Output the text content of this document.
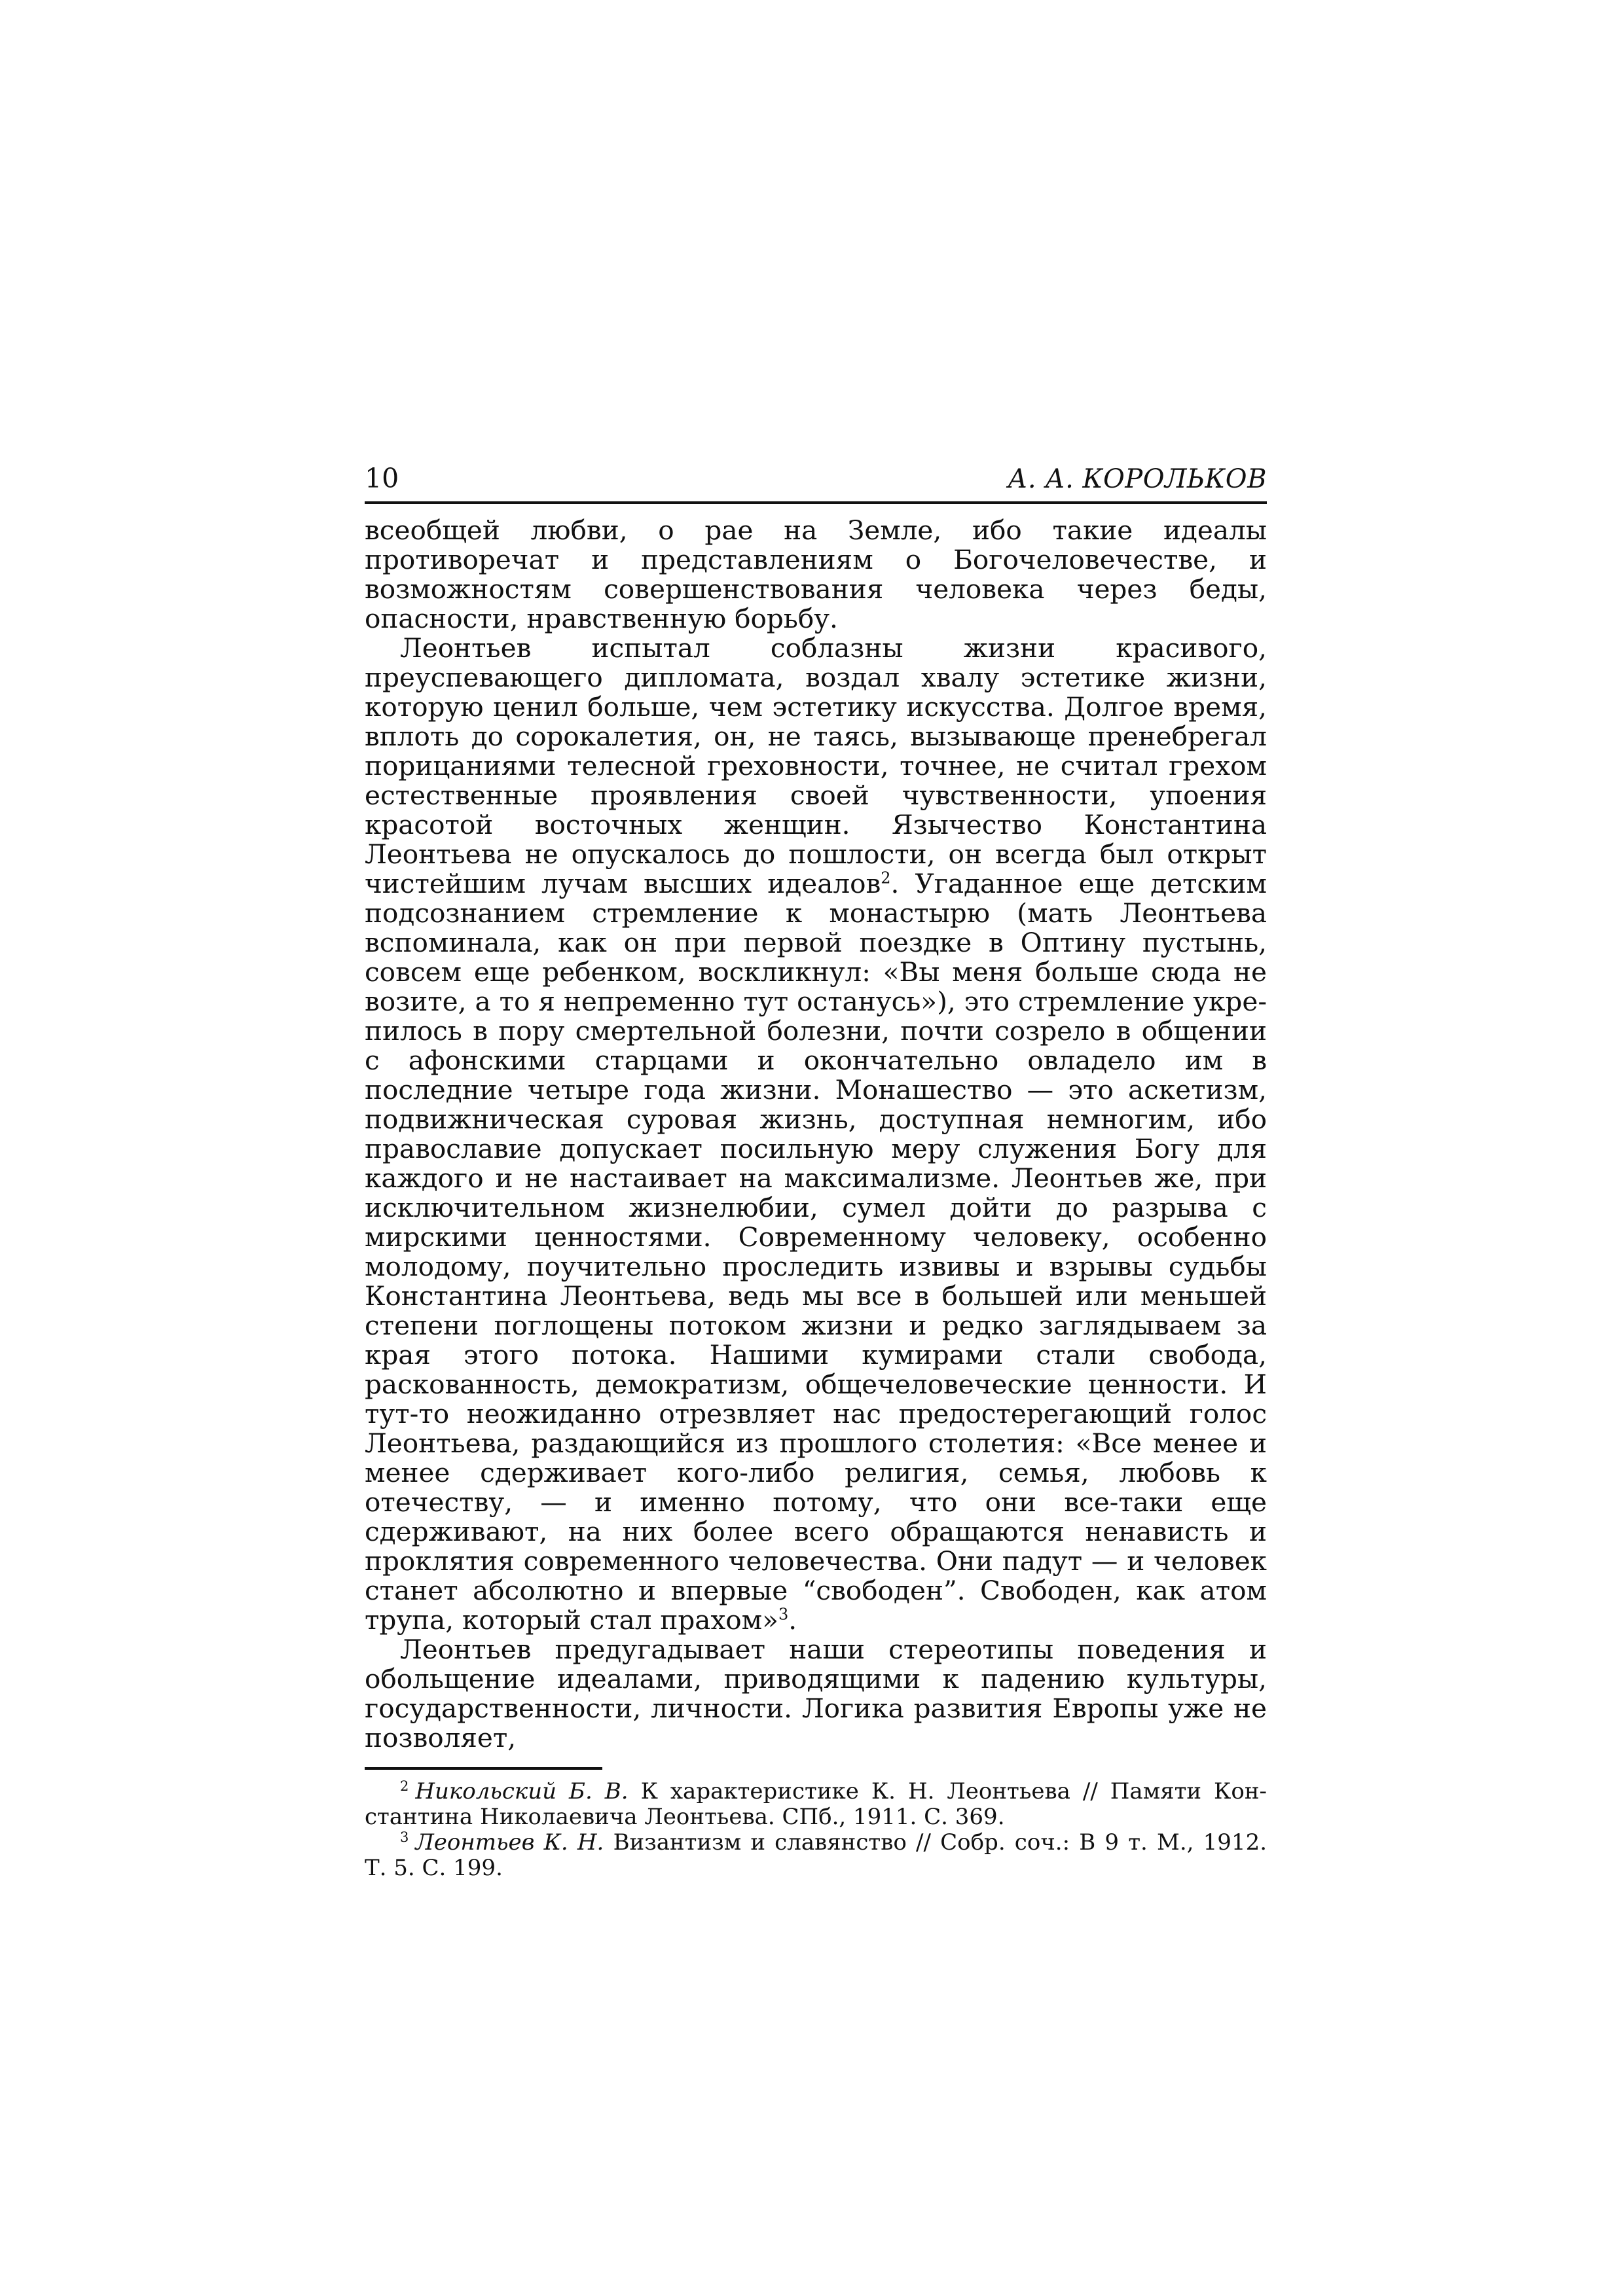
10	А. А. КОРОЛЬКОВ

всеобщей любви, о рае на Земле, ибо такие идеалы противоречат и представлениям о Богочеловечестве, и возможностям совершенствования человека через беды, опасности, нравственную борьбу.

Леонтьев испытал соблазны жизни красивого, преуспевающего дипломата, воздал хвалу эстетике жизни, которую ценил больше, чем эстетику искусства. Долгое время, вплоть до сорокалетия, он, не таясь, вызывающе пренебрегал порицаниями телесной греховности, точнее, не считал грехом естественные проявления своей чувственности, упоения красотой восточных женщин. Язычество Константина Леонтьева не опускалось до пошлости, он всегда был открыт чистейшим лучам высших идеалов$^2$. Угаданное еще детским подсознанием стремление к монастырю (мать Леонтьева вспоминала, как он при первой поездке в Оптину пустынь, совсем еще ребенком, воскликнул: «Вы меня больше сюда не возите, а то я непременно тут останусь»), это стремление укрепилось в пору смертельной болезни, почти созрело в общении с афонскими старцами и окончательно овладело им в последние четыре года жизни. Монашество — это аскетизм, подвижническая суровая жизнь, доступная немногим, ибо православие допускает посильную меру служения Богу для каждого и не настаивает на максимализме. Леонтьев же, при исключительном жизнелюбии, сумел дойти до разрыва с мирскими ценностями. Современному человеку, особенно молодому, поучительно проследить извивы и взрывы судьбы Константина Леонтьева, ведь мы все в большей или меньшей степени поглощены потоком жизни и редко заглядываем за края этого потока. Нашими кумирами стали свобода, раскованность, демократизм, общечеловеческие ценности. И тут-то неожиданно отрезвляет нас предостерегающий голос Леонтьева, раздающийся из прошлого столетия: «Все менее и менее сдерживает кого-либо религия, семья, любовь к отечеству, — и именно потому, что они все-таки еще сдерживают, на них более всего обращаются ненависть и проклятия современного человечества. Они падут — и человек станет абсолютно и впервые “свободен”. Свободен, как атом трупа, который стал прахом»$^3$.

Леонтьев предугадывает наши стереотипы поведения и обольщение идеалами, приводящими к падению культуры, государственности, личности. Логика развития Европы уже не позволяет,

$^2$ Никольский Б. В. К характеристике К. Н. Леонтьева // Памяти Константина Николаевича Леонтьева. СПб., 1911. С. 369.

$^3$ Леонтьев К. Н. Византизм и славянство // Собр. соч.: В 9 т. М., 1912. Т. 5. С. 199.
